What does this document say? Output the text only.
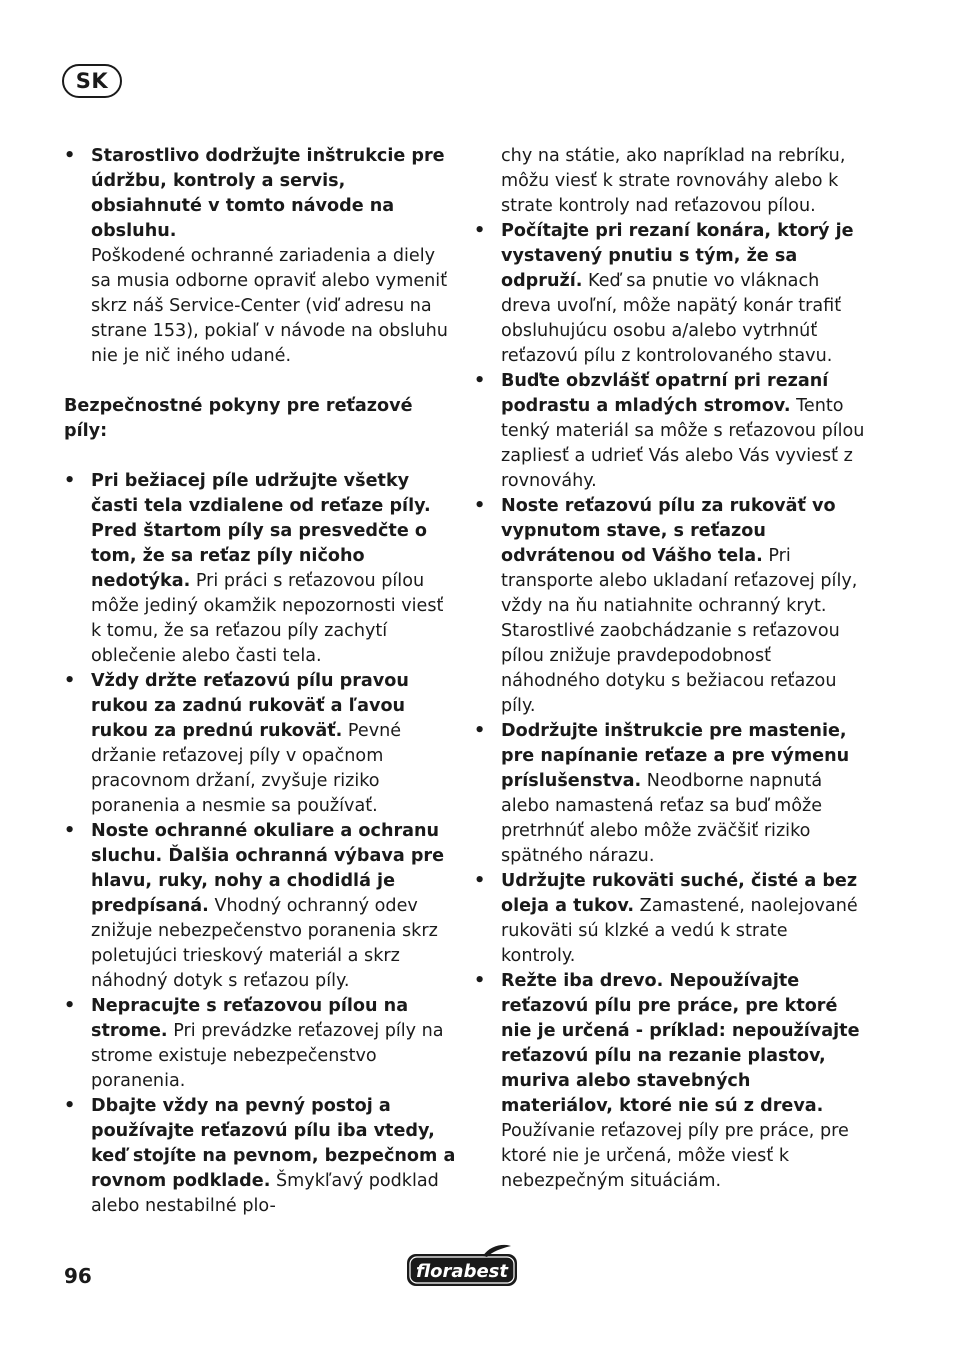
SK
• Starostlivo dodržujte inštrukcie pre údržbu, kontroly a servis, obsiahnuté v tomto návode na obsluhu.
Poškodené ochranné zariadenia a diely sa musia odborne opraviť alebo vymeniť skrz náš Service-Center (viď adresu na strane 153), pokiaľ v návode na obsluhu nie je nič iného udané.
Bezpečnostné pokyny pre reťazové píly:
• Pri bežiacej píle udržujte všetky časti tela vzdialene od reťaze píly. Pred štartom píly sa presvedčte o tom, že sa reťaz píly ničoho nedotýka. Pri práci s reťazovou pílou môže jediný okamžik nepozornosti viesť k tomu, že sa reťazou píly zachytí oblečenie alebo časti tela.

• Vždy držte reťazovú pílu pravou rukou za zadnú rukoväť a ľavou rukou za prednú rukoväť. Pevné držanie reťazovej píly v opačnom pracovnom držaní, zvyšuje riziko poranenia a nesmie sa používať.

• Noste ochranné okuliare a ochranu sluchu. Ďalšia ochranná výbava pre hlavu, ruky, nohy a chodidlá je predpísaná. Vhodný ochranný odev znižuje nebezpečenstvo poranenia skrz poletujúci trieskový materiál a skrz náhodný dotyk s reťazou píly.

• Nepracujte s reťazovou pílou na strome. Pri prevádzke reťazovej píly na strome existuje nebezpečenstvo poranenia.

• Dbajte vždy na pevný postoj a používajte reťazovú pílu iba vtedy, keď stojíte na pevnom, bezpečnom a rovnom podklade. Šmykľavý podklad alebo nestabilné plo-

chy na státie, ako napríklad na rebríku, môžu viesť k strate rovnováhy alebo k strate kontroly nad reťazovou pílou.

• Počítajte pri rezaní konára, ktorý je vystavený pnutiu s tým, že sa odpruží. Keď sa pnutie vo vláknach dreva uvoľní, môže napätý konár trafiť obsluhujúcu osobu a/alebo vytrhnúť reťazovú pílu z kontrolovaného stavu.

• Buďte obzvlášť opatrní pri rezaní podrastu a mladých stromov. Tento tenký materiál sa môže s reťazovou pílou zapliesť a udrieť Vás alebo Vás vyviesť z rovnováhy.

• Noste reťazovú pílu za rukoväť vo vypnutom stave, s reťazou odvrátenou od Vášho tela. Pri transporte alebo ukladaní reťazovej píly, vždy na ňu natiahnite ochranný kryt. Starostlivé zaobchádzanie s reťazovou pílou znižuje pravdepodobnosť náhodného dotyku s bežiacou reťazou píly.

• Dodržujte inštrukcie pre mastenie, pre napínanie reťaze a pre výmenu príslušenstva. Neodborne napnutá alebo namastená reťaz sa buď môže pretrhnúť alebo môže zväčšiť riziko spätného nárazu.

• Udržujte rukoväti suché, čisté a bez oleja a tukov. Zamastené, naolejované rukoväti sú klzké a vedú k strate kontroly.

• Režte iba drevo. Nepoužívajte reťazovú pílu pre práce, pre ktoré nie je určená - príklad: nepoužívajte reťazovú pílu na rezanie plastov, muriva alebo stavebných materiálov, ktoré nie sú z dreva. Používanie reťazovej píly pre práce, pre ktoré nie je určená, môže viesť k nebezpečným situáciám.

96	florabest
